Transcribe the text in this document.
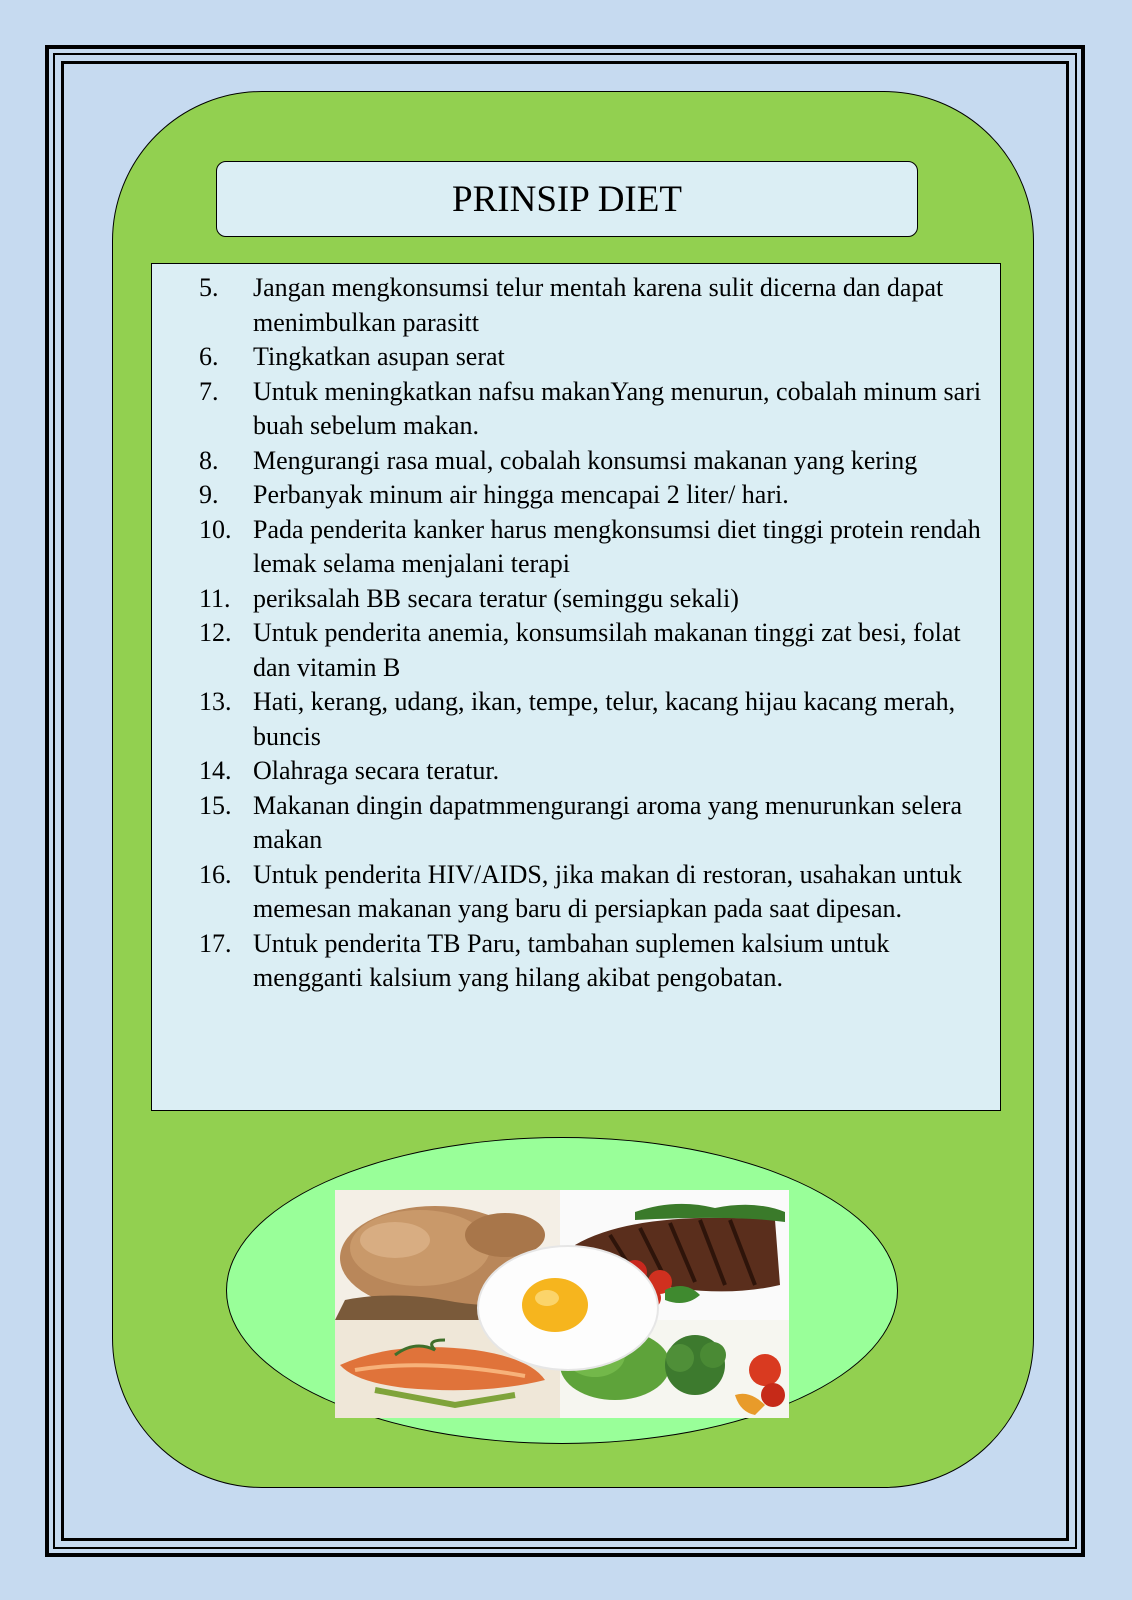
PRINSIP DIET
5.	Jangan mengkonsumsi telur mentah karena sulit dicerna dan dapat menimbulkan parasitt
6.	Tingkatkan asupan serat
7.	Untuk meningkatkan nafsu makanYang menurun, cobalah minum sari buah sebelum makan.
8.	Mengurangi rasa mual, cobalah konsumsi makanan yang kering
9.	Perbanyak minum air hingga mencapai 2 liter/ hari.
10. Pada penderita kanker harus mengkonsumsi diet tinggi protein rendah lemak selama menjalani terapi
11. periksalah BB secara teratur (seminggu sekali)
12. Untuk penderita anemia, konsumsilah makanan tinggi zat besi, folat dan vitamin B
13. Hati, kerang, udang, ikan, tempe, telur, kacang hijau kacang merah, buncis
14. Olahraga secara teratur.
15. Makanan dingin dapatmmengurangi aroma yang menurunkan selera makan
16. Untuk penderita HIV/AIDS, jika makan di restoran, usahakan untuk memesan makanan yang baru di persiapkan pada saat dipesan.
17. Untuk penderita TB Paru, tambahan suplemen kalsium untuk mengganti kalsium yang hilang akibat pengobatan.
